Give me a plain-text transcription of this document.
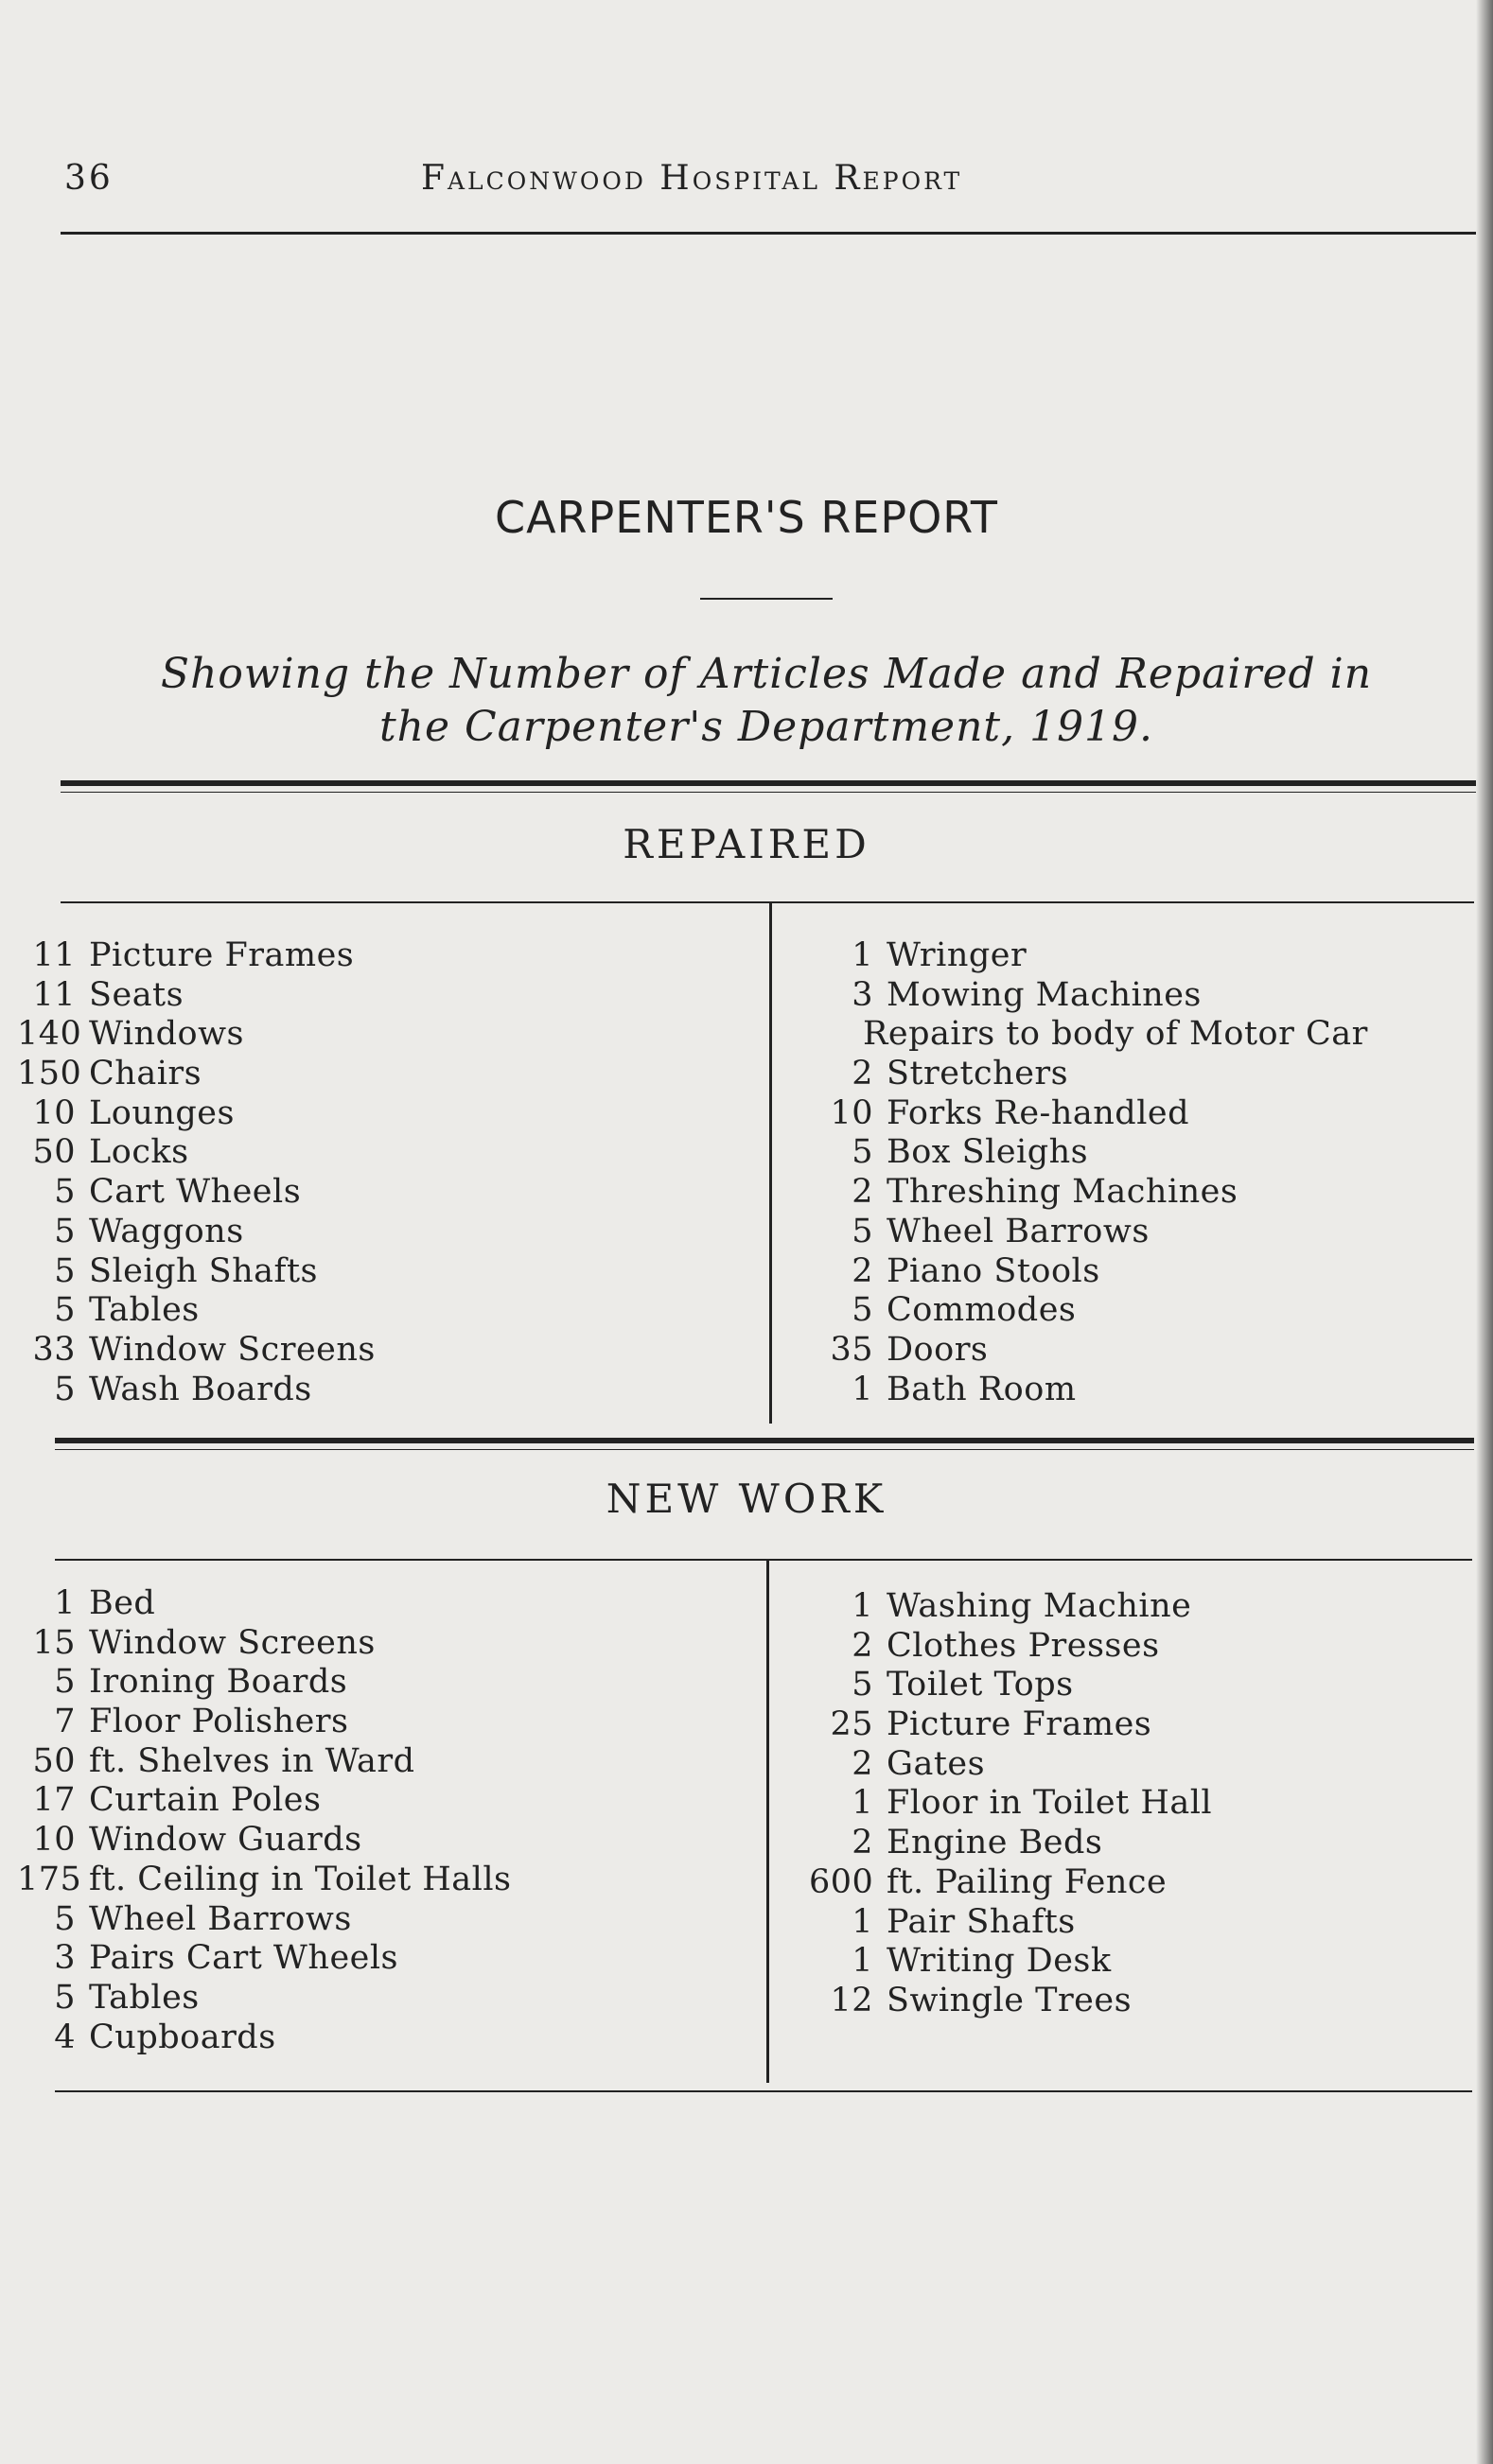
36	Falconwood Hospital Report
CARPENTER'S REPORT
Showing the Number of Articles Made and Repaired in the Carpenter's Department, 1919.
REPAIRED
11 Picture Frames
11 Seats
140 Windows
150 Chairs
10 Lounges
50 Locks
5 Cart Wheels
5 Waggons
5 Sleigh Shafts
5 Tables
33 Window Screens
5 Wash Boards
1 Wringer
3 Mowing Machines
Repairs to body of Motor Car
2 Stretchers
10 Forks Re-handled
5 Box Sleighs
2 Threshing Machines
5 Wheel Barrows
2 Piano Stools
5 Commodes
35 Doors
1 Bath Room
NEW WORK
1 Bed
15 Window Screens
5 Ironing Boards
7 Floor Polishers
50 ft. Shelves in Ward
17 Curtain Poles
10 Window Guards
175 ft. Ceiling in Toilet Halls
5 Wheel Barrows
3 Pairs Cart Wheels
5 Tables
4 Cupboards
1 Washing Machine
2 Clothes Presses
5 Toilet Tops
25 Picture Frames
2 Gates
1 Floor in Toilet Hall
2 Engine Beds
600 ft. Pailing Fence
1 Pair Shafts
1 Writing Desk
12 Swingle Trees
